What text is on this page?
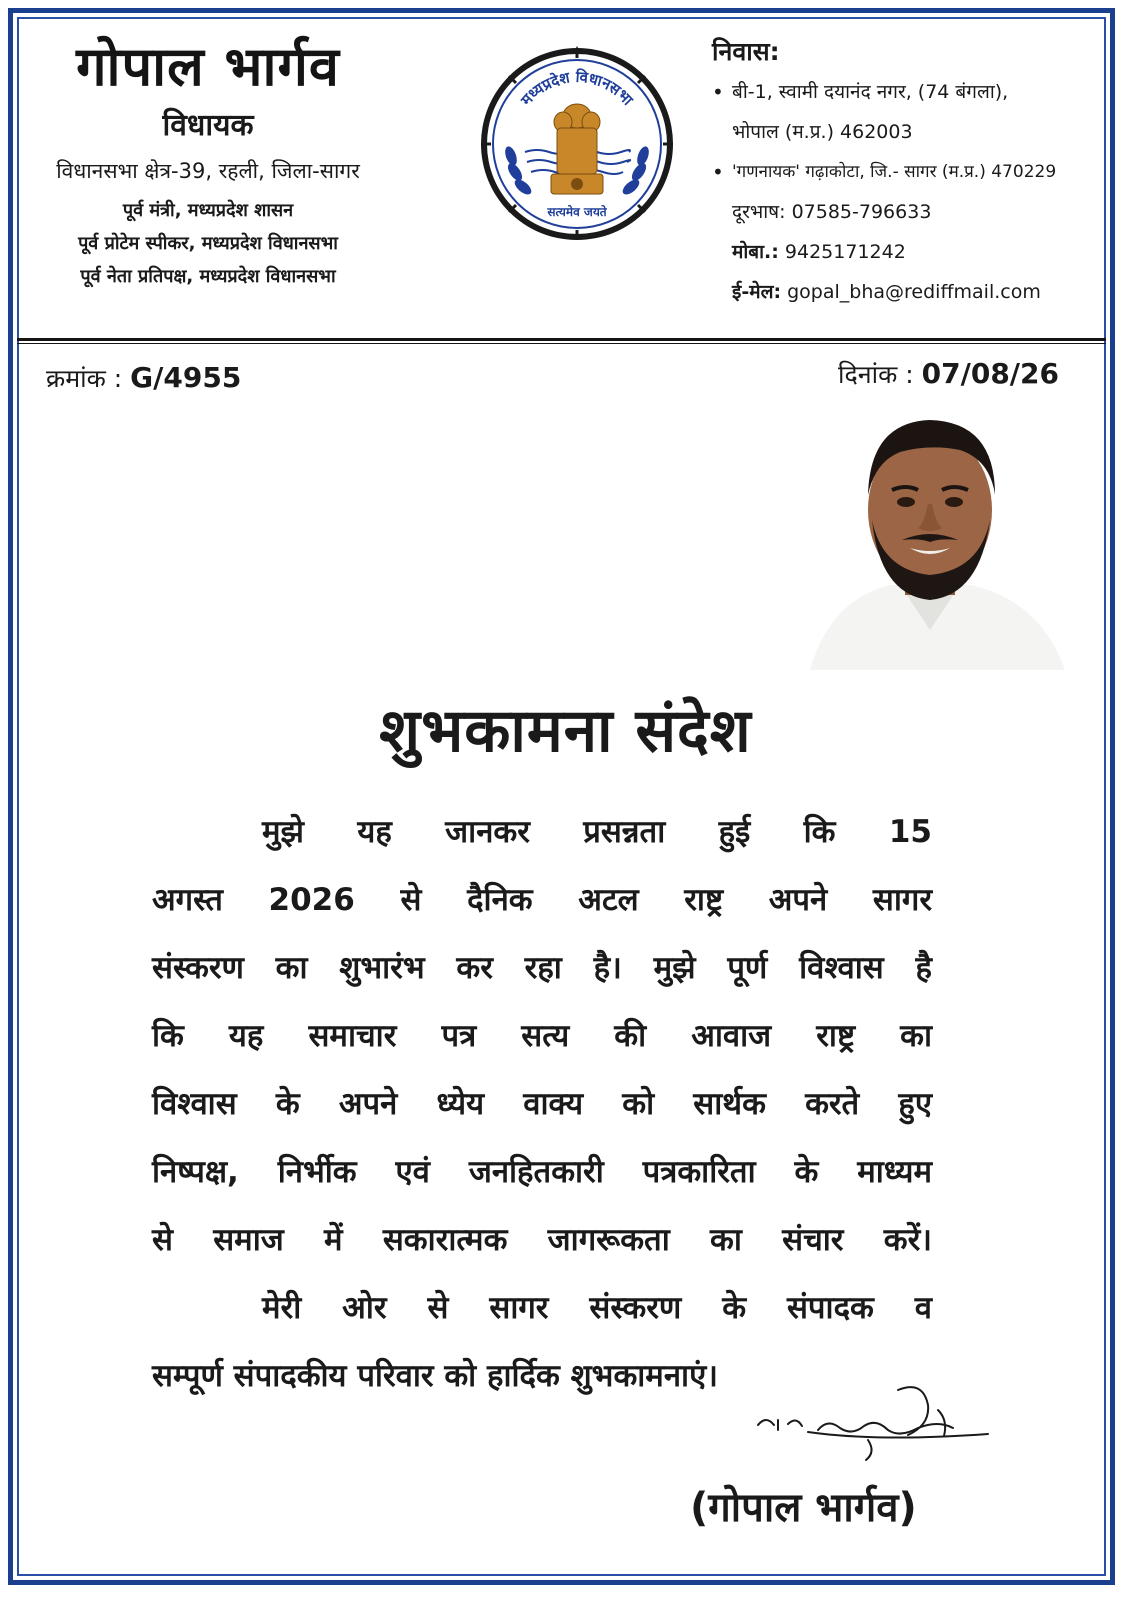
गोपाल भार्गव
विधायक
विधानसभा क्षेत्र-39, रहली, जिला-सागर
पूर्व मंत्री, मध्यप्रदेश शासन
पूर्व प्रोटेम स्पीकर, मध्यप्रदेश विधानसभा
पूर्व नेता प्रतिपक्ष, मध्यप्रदेश विधानसभा
मध्यप्रदेश विधानसभा
सत्यमेव जयते
निवास:
• बी-1, स्वामी दयानंद नगर, (74 बंगला),
भोपाल (म.प्र.) 462003
• 'गणनायक' गढ़ाकोटा, जि.- सागर (म.प्र.) 470229
दूरभाष: 07585-796633
मोबा.: 9425171242
ई-मेल: gopal_bha@rediffmail.com
क्रमांक : G/4955	दिनांक : 07/08/26
शुभकामना संदेश
मुझे यह जानकर प्रसन्नता हुई कि 15
अगस्त 2026 से दैनिक अटल राष्ट्र अपने सागर
संस्करण का शुभारंभ कर रहा है। मुझे पूर्ण विश्वास है
कि यह समाचार पत्र सत्य की आवाज राष्ट्र का
विश्वास के अपने ध्येय वाक्य को सार्थक करते हुए
निष्पक्ष, निर्भीक एवं जनहितकारी पत्रकारिता के माध्यम
से समाज में सकारात्मक जागरूकता का संचार करें।
मेरी ओर से सागर संस्करण के संपादक व
सम्पूर्ण संपादकीय परिवार को हार्दिक शुभकामनाएं।
(गोपाल भार्गव)
